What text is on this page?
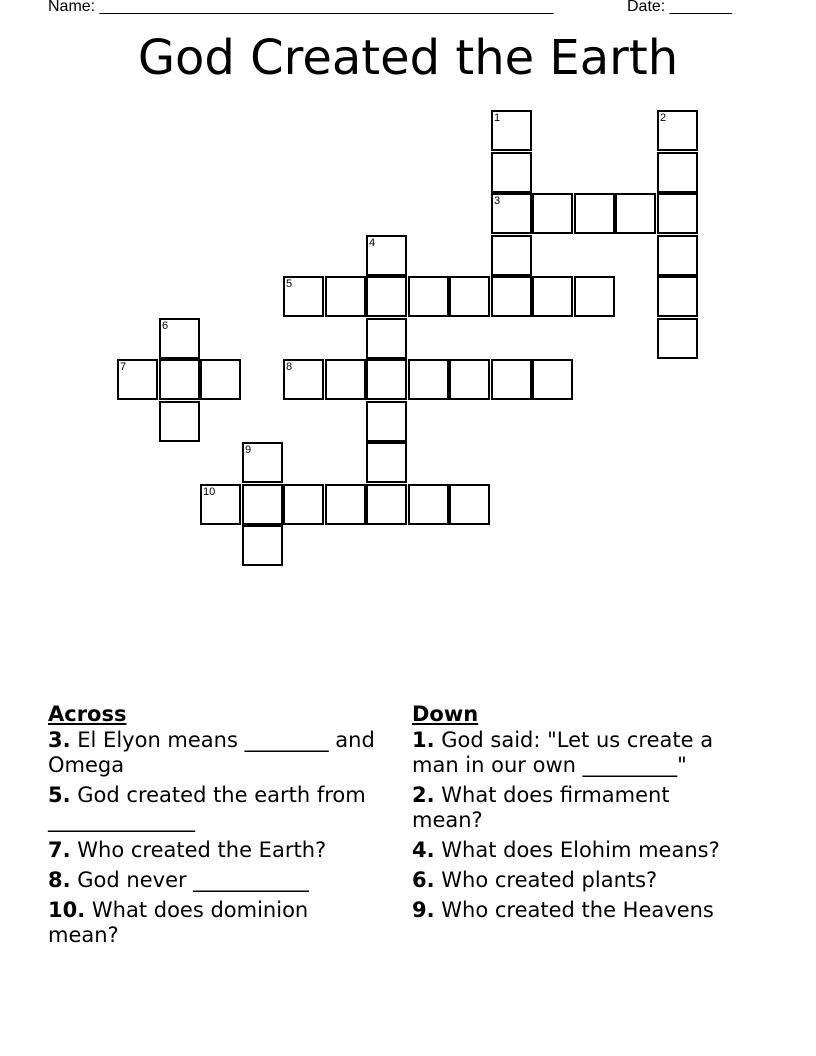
Name: ___________________________________________________	Date: _______
God Created the Earth
1
3
2
4
5
6
7	8
9
10
Across
3. El Elyon means ________ and Omega
5. God created the earth from ______________
7. Who created the Earth?
8. God never ___________
10. What does dominion mean?
Down
1. God said: "Let us create a man in our own _________"
2. What does firmament mean?
4. What does Elohim means?
6. Who created plants?
9. Who created the Heavens
